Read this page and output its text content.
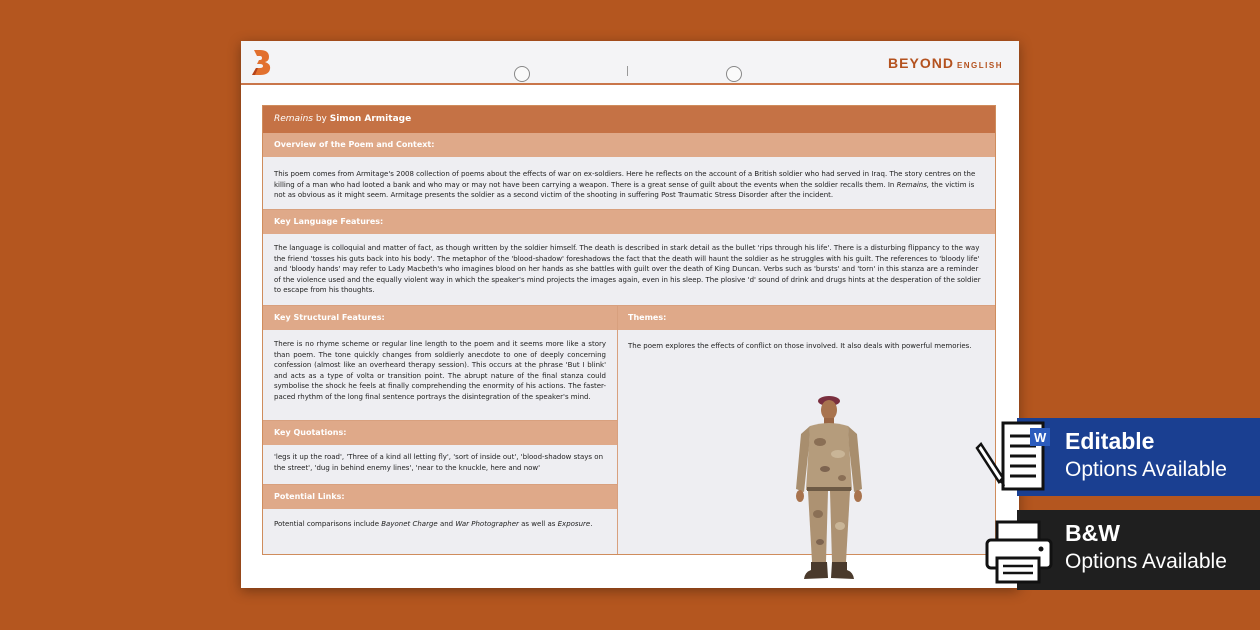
BEYOND ENGLISH
Remains by Simon Armitage
Overview of the Poem and Context:
This poem comes from Armitage's 2008 collection of poems about the effects of war on ex-soldiers. Here he reflects on the account of a British soldier who had served in Iraq. The story centres on the killing of a man who had looted a bank and who may or may not have been carrying a weapon. There is a great sense of guilt about the events when the soldier recalls them. In Remains, the victim is not as obvious as it might seem. Armitage presents the soldier as a second victim of the shooting in suffering Post Traumatic Stress Disorder after the incident.
Key Language Features:
The language is colloquial and matter of fact, as though written by the soldier himself. The death is described in stark detail as the bullet 'rips through his life'. There is a disturbing flippancy to the way the friend 'tosses his guts back into his body'. The metaphor of the 'blood-shadow' foreshadows the fact that the death will haunt the soldier as he struggles with his guilt. The references to 'bloody life' and 'bloody hands' may refer to Lady Macbeth's who imagines blood on her hands as she battles with guilt over the death of King Duncan. Verbs such as 'bursts' and 'torn' in this stanza are a reminder of the violence used and the equally violent way in which the speaker's mind projects the images again, even in his sleep. The plosive 'd' sound of drink and drugs hints at the desperation of the soldier to escape from his thoughts.
Key Structural Features:
There is no rhyme scheme or regular line length to the poem and it seems more like a story than poem. The tone quickly changes from soldierly anecdote to one of deeply concerning confession (almost like an overheard therapy session). This occurs at the phrase 'But I blink' and acts as a type of volta or transition point. The abrupt nature of the final stanza could symbolise the shock he feels at finally comprehending the enormity of his actions. The faster-paced rhythm of the long final sentence portrays the disintegration of the speaker's mind.
Themes:
The poem explores the effects of conflict on those involved. It also deals with powerful memories.
Key Quotations:
'legs it up the road', 'Three of a kind all letting fly', 'sort of inside out', 'blood-shadow stays on the street', 'dug in behind enemy lines', 'near to the knuckle, here and now'
Potential Links:
Potential comparisons include Bayonet Charge and War Photographer as well as Exposure.
W Editable
Options Available
B&W
Options Available
